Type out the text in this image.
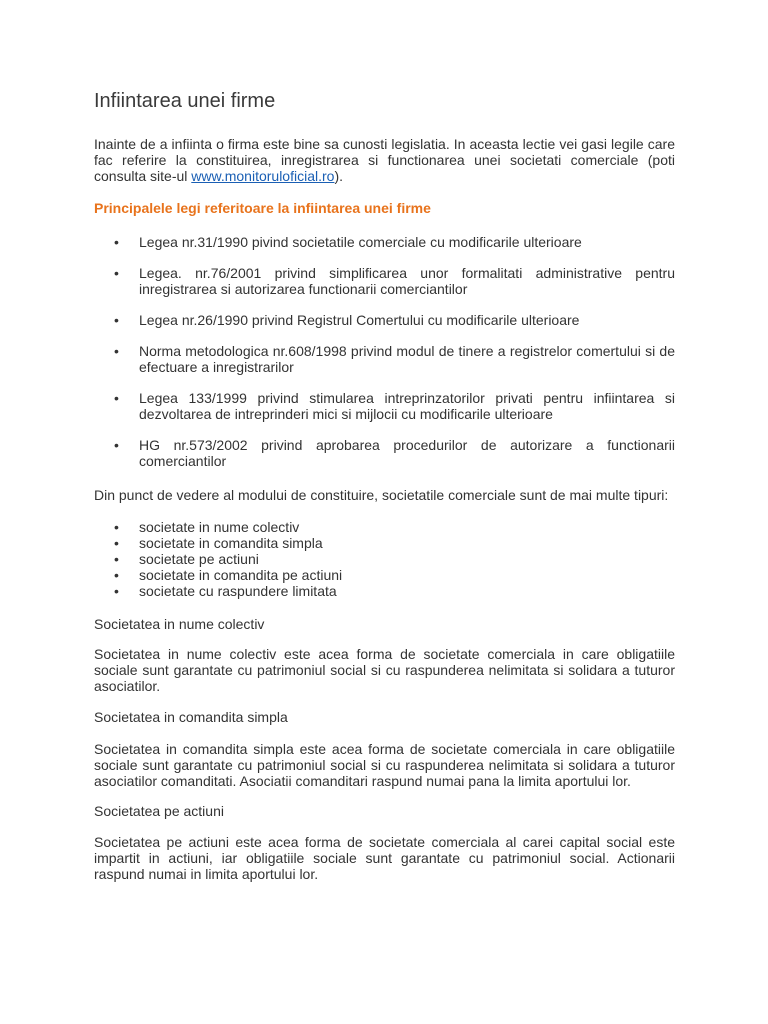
Infiintarea unei firme

Inainte de a infiinta o firma este bine sa cunosti legislatia. In aceasta lectie vei gasi legile care fac referire la constituirea, inregistrarea si functionarea unei societati comerciale (poti consulta site-ul www.monitoruloficial.ro).

Principalele legi referitoare la infiintarea unei firme
• Legea nr.31/1990 pivind societatile comerciale cu modificarile ulterioare
• Legea. nr.76/2001 privind simplificarea unor formalitati administrative pentru inregistrarea si autorizarea functionarii comerciantilor
• Legea nr.26/1990 privind Registrul Comertului cu modificarile ulterioare
• Norma metodologica nr.608/1998 privind modul de tinere a registrelor comertului si de efectuare a inregistrarilor
• Legea 133/1999 privind stimularea intreprinzatorilor privati pentru infiintarea si dezvoltarea de intreprinderi mici si mijlocii cu modificarile ulterioare
• HG nr.573/2002 privind aprobarea procedurilor de autorizare a functionarii comerciantilor

Din punct de vedere al modului de constituire, societatile comerciale sunt de mai multe tipuri:

• societate in nume colectiv
• societate in comandita simpla
• societate pe actiuni
• societate in comandita pe actiuni
• societate cu raspundere limitata

Societatea in nume colectiv

Societatea in nume colectiv este acea forma de societate comerciala in care obligatiile sociale sunt garantate cu patrimoniul social si cu raspunderea nelimitata si solidara a tuturor asociatilor.

Societatea in comandita simpla

Societatea in comandita simpla este acea forma de societate comerciala in care obligatiile sociale sunt garantate cu patrimoniul social si cu raspunderea nelimitata si solidara a tuturor asociatilor comanditati. Asociatii comanditari raspund numai pana la limita aportului lor.

Societatea pe actiuni

Societatea pe actiuni este acea forma de societate comerciala al carei capital social este impartit in actiuni, iar obligatiile sociale sunt garantate cu patrimoniul social. Actionarii raspund numai in limita aportului lor.
